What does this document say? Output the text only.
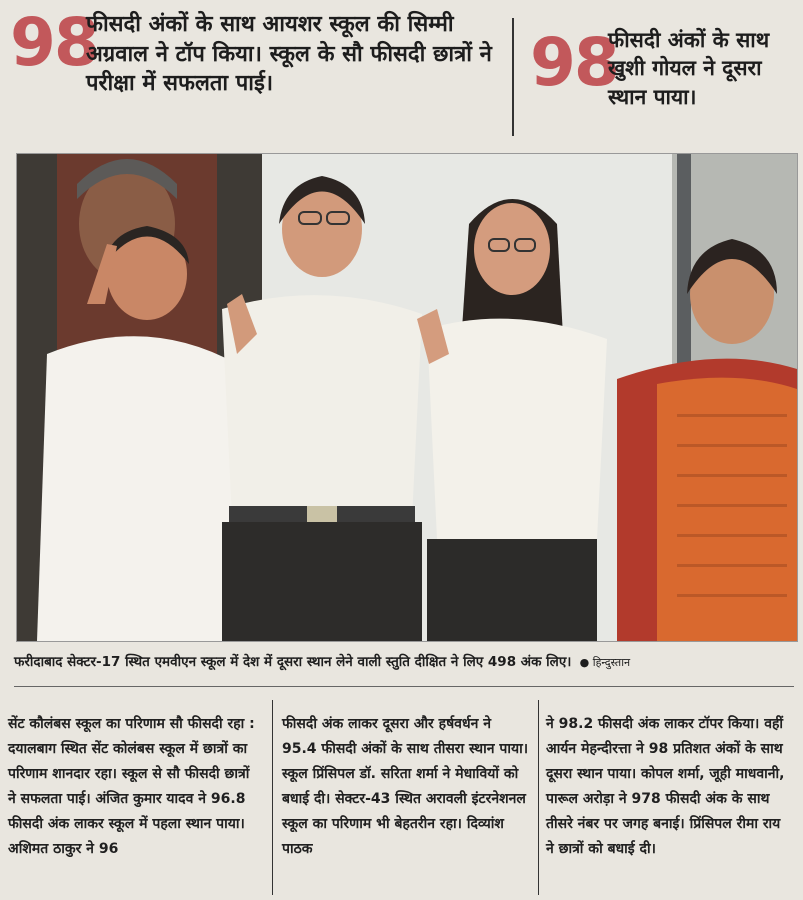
98
फीसदी अंकों के साथ आयशर स्कूल की सिम्मी अग्रवाल ने टॉप किया। स्कूल के सौ फीसदी छात्रों ने परीक्षा में सफलता पाई।	98
फीसदी अंकों के साथ खुशी गोयल ने दूसरा स्थान पाया।
फरीदाबाद सेक्टर-17 स्थित एमवीएन स्कूल में देश में दूसरा स्थान लेने वाली स्तुति दीक्षित ने लिए 498 अंक लिए।  ● हिन्दुस्तान
सेंट कौलंबस स्कूल का परिणाम सौ फीसदी रहा : दयालबाग स्थित सेंट कोलंबस स्कूल में छात्रों का परिणाम शानदार रहा। स्कूल से सौ फीसदी छात्रों ने सफलता पाई। अंजित कुमार यादव ने 96.8 फीसदी अंक लाकर स्कूल में पहला स्थान पाया। अशिमत ठाकुर ने 96
फीसदी अंक लाकर दूसरा और हर्षवर्धन ने 95.4 फीसदी अंकों के साथ तीसरा स्थान पाया। स्कूल प्रिंसिपल डॉ. सरिता शर्मा ने मेधावियों को बधाई दी। सेक्टर-43 स्थित अरावली इंटरनेशनल स्कूल का परिणाम भी बेहतरीन रहा। दिव्यांश पाठक
ने 98.2 फीसदी अंक लाकर टॉपर किया। वहीं आर्यन मेहन्दीरत्ता ने 98 प्रतिशत अंकों के साथ दूसरा स्थान पाया। कोपल शर्मा, जूही माधवानी, पारूल अरोड़ा ने 978 फीसदी अंक के साथ तीसरे नंबर पर जगह बनाई। प्रिंसिपल रीमा राय ने छात्रों को बधाई दी।
